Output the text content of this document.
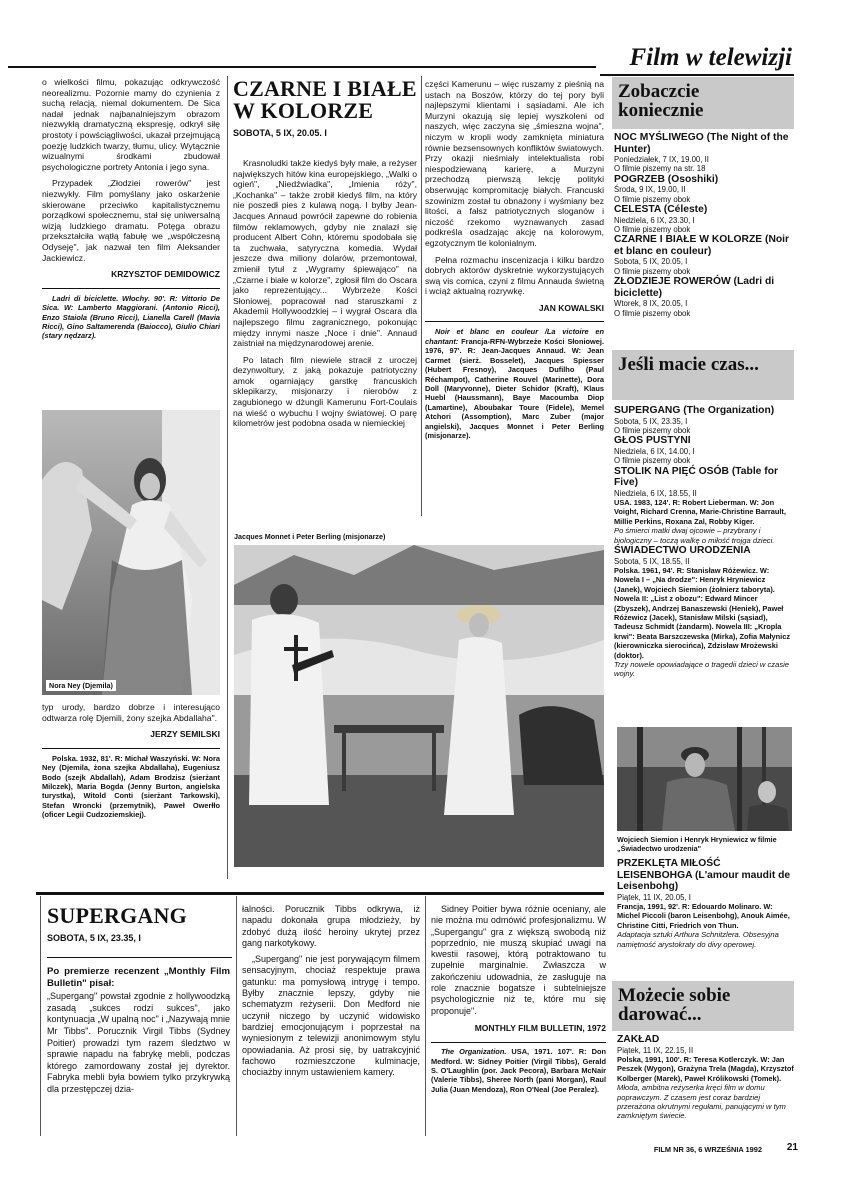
Film w telewizji

o wielkości filmu, pokazując odkrywczość neorealizmu. Pozornie mamy do czynienia z suchą relacją, niemal dokumentem. De Sica nadał jednak najbanalniejszym obrazom niezwykłą dramatyczną ekspresję, odkrył siłę prostoty i powściągliwości, ukazał przejmującą poezję ludzkich twarzy, tłumu, ulicy. Wytącznie wizualnymi środkami zbudował psychologiczne portrety Antonia i jego syna.

Przypadek „Złodziei rowerów" jest niezwykły. Film pomyślany jako oskarżenie skierowane przeciwko kapitalistycznemu porządkowi społecznemu, stał się uniwersalną wizją ludzkiego dramatu. Potęga obrazu przekształciła wątłą fabułę we „współczesną Odyseję", jak nazwał ten film Aleksander Jackiewicz.

KRZYSZTOF DEMIDOWICZ

Ladri di biciclette. Włochy. 90'. R: Vittorio De Sica. W: Lamberto Maggiorani. (Antonio Ricci), Enzo Staiola (Bruno Ricci), Lianella Carell (Mavia Ricci), Gino Saltamerenda (Baiocco), Giulio Chiari (stary nędzarz).

Nora Ney (Djemila)

typ urody, bardzo dobrze i interesująco odtwarza rolę Djemili, żony szejka Abdallaha".

JERZY SEMILSKI

Polska. 1932, 81'. R: Michał Waszyński. W: Nora Ney (Djemila, żona szejka Abdallaha), Eugeniusz Bodo (szejk Abdallah), Adam Brodzisz (sierżant Milczek), Maria Bogda (Jenny Burton, angielska turystka), Witold Conti (sierżant Tarkowski), Stefan Wroncki (przemytnik), Paweł Owerłło (oficer Legii Cudzoziemskiej).

CZARNE I BIAŁE W KOLORZE
SOBOTA, 5 IX, 20.05. I

Krasnoludki także kiedyś były małe, a reżyser największych hitów kina europejskiego, „Walki o ogień", „Niedźwiadka", „Imienia róży", „Kochanka" – także zrobił kiedyś film, na który nie poszedł pies z kulawą nogą. I byłby Jean-Jacques Annaud powrócił zapewne do robienia filmów reklamowych, gdyby nie znalazł się producent Albert Cohn, któremu spodobała się ta zuchwała, satyryczna komedia. Wydał jeszcze dwa miliony dolarów, przemontował, zmienił tytuł z „Wygramy śpiewająco" na „Czarne i białe w kolorze", zgłosił film do Oscara jako reprezentujący... Wybrzeże Kości Słoniowej, popracował nad staruszkami z Akademii Hollywoodzkiej – i wygrał Oscara dla najlepszego filmu zagranicznego, pokonując między innymi nasze „Noce i dnie". Annaud zaistniał na międzynarodowej arenie.

Po latach film niewiele stracił z uroczej dezynwoltury, z jaką pokazuje patriotyczny amok ogarniający garstkę francuskich sklepikarzy, misjonarzy i nierobów z zagubionego w dżungli Kamerunu Fort-Coulais na wieść o wybuchu I wojny światowej. O parę kilometrów jest podobna osada w niemieckiej

części Kamerunu – więc ruszamy z pieśnią na ustach na Boszów, którzy do tej pory byli najlepszymi klientami i sąsiadami. Ale ich Murzyni okazują się lepiej wyszkoleni od naszych, więc zaczyna się „śmieszna wojna", niczym w kropli wody zamknięta miniatura równie bezsensownych konfliktów światowych. Przy okazji nieśmiały intelektualista robi niespodziewaną karierę, a Murzyni przechodzą pierwszą lekcję polityki obserwując kompromitację białych. Francuski szowinizm został tu obnażony i wyśmiany bez litości, a fałsz patriotycznych sloganów i niczość rzekomo wyznawanych zasad podkreśla osadzając akcję na kolorowym, egzotycznym tle kolonialnym.

Pełna rozmachu inscenizacja i kilku bardzo dobrych aktorów dyskretnie wykorzystujących swą vis comica, czyni z filmu Annauda świetną i wciąż aktualną rozrywkę.

JAN KOWALSKI

Noir et blanc en couleur /La victoire en chantant: Francja-RFN-Wybrzeże Kości Słoniowej. 1976, 97'. R: Jean-Jacques Annaud. W: Jean Carmet (sierż. Bosselet), Jacques Spiesser (Hubert Fresnoy), Jacques Dufilho (Paul Réchampot), Catherine Rouvel (Marinette), Dora Doll (Maryvonne), Dieter Schidor (Kraft), Klaus Huebl (Haussmann), Baye Macoumba Diop (Lamartine), Aboubakar Toure (Fidele), Memel Atchori (Assomption), Marc Zuber (major angielski), Jacques Monnet i Peter Berling (misjonarze).

Jacques Monnet i Peter Berling (misjonarze)
SUPERGANG
SOBOTA, 5 IX, 23.35, I
Po premierze recenzent „Monthly Film Bulletin" pisał:

„Supergang" powstał zgodnie z hollywoodzką zasadą „sukces rodzi sukces", jako kontynuacja „W upalną noc" i „Nazywają mnie Mr Tibbs". Porucznik Virgil Tibbs (Sydney Poitier) prowadzi tym razem śledztwo w sprawie napadu na fabrykę mebli, podczas którego zamordowany został jej dyrektor. Fabryka mebli była bowiem tylko przykrywką dla przestępczej dzia-

łalności. Porucznik Tibbs odkrywa, iż napadu dokonała grupa młodzieży, by zdobyć dużą ilość heroiny ukrytej przez gang narkotykowy.

„Supergang" nie jest porywającym filmem sensacyjnym, chociaż respektuje prawa gatunku: ma pomysłową intrygę i tempo. Byłby znacznie lepszy, gdyby nie schematyzm reżyserii. Don Medford nie uczynił niczego by uczynić widowisko bardziej emocjonującym i poprzestał na wyniesionym z telewizji anonimowym stylu opowiadania. Aż prosi się, by uatrakcyjnić fachowo rozmieszczone kulminacje, chociażby innym ustawieniem kamery.

Sidney Poitier bywa różnie oceniany, ale nie można mu odmówić profesjonalizmu. W „Supergangu" gra z większą swobodą niż poprzednio, nie muszą skupiać uwagi na kwestii rasowej, którą potraktowano tu zupełnie marginalnie. Zwłaszcza w zakończeniu udowadnia, że zasługuje na role znacznie bogatsze i subtelniejsze psychologicznie niż te, które mu się proponuje".

MONTHLY FILM BULLETIN, 1972

The Organization. USA, 1971. 107'. R: Don Medford. W: Sidney Poitier (Virgil Tibbs), Gerald S. O'Laughlin (por. Jack Pecora), Barbara McNair (Valerie Tibbs), Sheree North (pani Morgan), Raul Julia (Juan Mendoza), Ron O'Neal (Joe Peralez).

Zobaczcie koniecznie
NOC MYŚLIWEGO (The Night of the Hunter)
Poniedziałek, 7 IX, 19.00, II
O filmie piszemy na str. 18
POGRZEB (Ososhiki)
Środa, 9 IX, 19.00, II
O filmie piszemy obok
CELESTA (Céleste)
Niedziela, 6 IX, 23.30, I
O filmie piszemy obok
CZARNE I BIAŁE W KOLORZE (Noir et blanc en couleur)
Sobota, 5 IX, 20.05, I
O filmie piszemy obok
ZŁODZIEJE ROWERÓW (Ladri di biciclette)
Wtorek, 8 IX, 20.05, I
O filmie piszemy obok
Jeśli macie czas...
SUPERGANG (The Organization)
Sobota, 5 IX, 23.35, I
O filmie piszemy obok
GŁOS PUSTYNI
Niedziela, 6 IX, 14.00, I
O filmie piszemy obok
STOLIK NA PIĘĆ OSÓB (Table for Five)
Niedziela, 6 IX, 18.55, II
USA. 1983, 124'. R: Robert Lieberman. W: Jon Voight, Richard Crenna, Marie-Christine Barrault, Millie Perkins, Roxana Zal, Robby Kiger.
Po śmierci matki dwaj ojcowie – przybrany i biologiczny – toczą walkę o miłość trojga dzieci.
ŚWIADECTWO URODZENIA
Sobota, 5 IX, 18.55, II
Polska. 1961, 94'. R: Stanisław Różewicz. W: Nowela I – „Na drodze": Henryk Hryniewicz (Janek), Wojciech Siemion (żołnierz taboryta). Nowela II: „List z obozu": Edward Mincer (Zbyszek), Andrzej Banaszewski (Heniek), Paweł Różewicz (Jacek), Stanisław Milski (sąsiad), Tadeusz Schmidt (żandarm). Nowela III: „Kropla krwi": Beata Barszczewska (Mirka), Zofia Małynicz (kierowniczka sierocińca), Zdzisław Mrożewski (doktor).
Trzy nowele opowiadające o tragedii dzieci w czasie wojny.
Wojciech Siemion i Henryk Hryniewicz w filmie „Świadectwo urodzenia"
PRZEKLĘTA MIŁOŚĆ LEISENBOHGA (L'amour maudit de Leisenbohg)
Piątek, 11 IX, 20.05, I
Francja, 1991, 92'. R: Edouardo Molinaro. W: Michel Piccoli (baron Leisenbohg), Anouk Aimée, Christine Citti, Friedrich von Thun.
Adaptacja sztuki Arthura Schnitzlera. Obsesyjna namiętność arystokraty do divy operowej.
Możecie sobie darować...
ZAKŁAD
Piątek, 11 IX, 22.15, II
Polska, 1991, 100'. R: Teresa Kotlerczyk. W: Jan Peszek (Wygon), Grażyna Trela (Magda), Krzysztof Kolberger (Marek), Paweł Królikowski (Tomek).
Młoda, ambitna reżyserka kręci film w domu poprawczym. Z czasem jest coraz bardziej przerażona okrutnymi regułami, panującymi w tym zamkniętym świecie.
FILM NR 36, 6 WRZEŚNIA 1992	21
